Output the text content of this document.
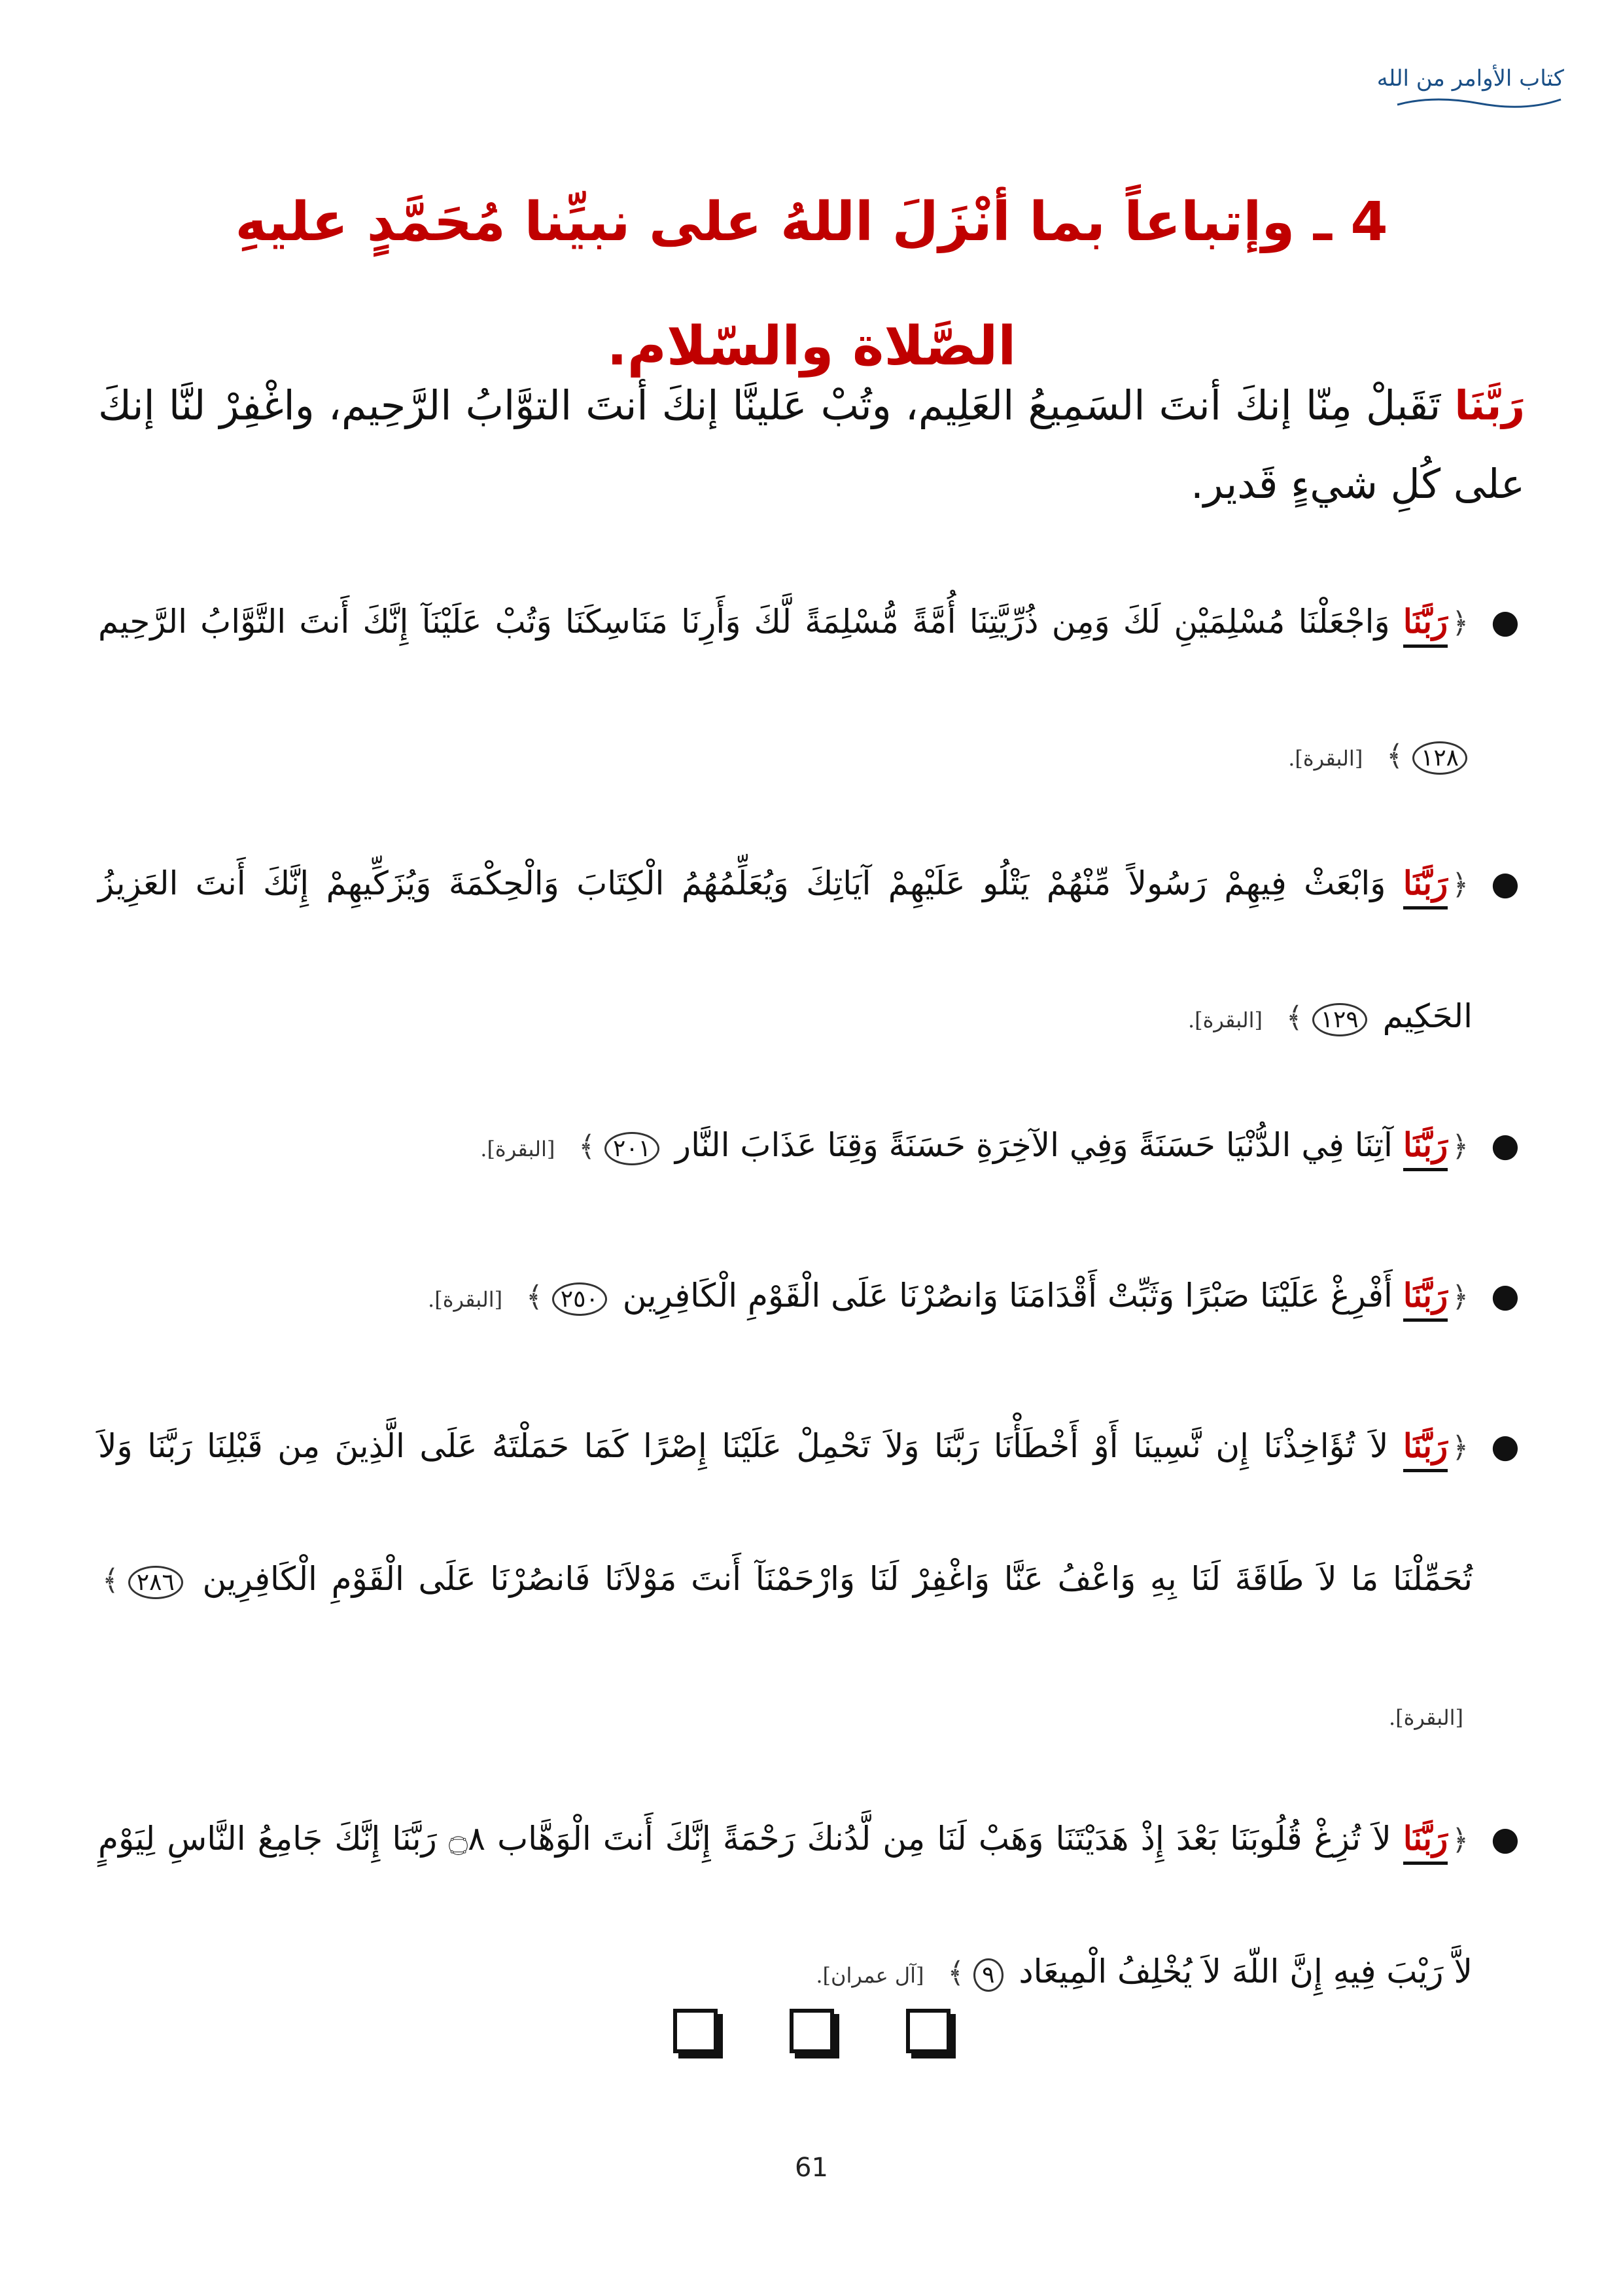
كتاب الأوامر من الله
4 ـ وإتباعاً بما أنْزَلَ اللهُ على نبيِّنا مُحَمَّدٍ عليهِ
الصَّلاة والسّلام.
رَبَّنَا تَقَبلْ مِنّا إنكَ أنتَ السَمِيعُ العَلِيم، وتُبْ عَلينَّا إنكَ أنتَ التوَّابُ الرَّحِيم، واغْفِرْ لنَّا إنكَ على كُلِ شيءٍ قَدير.
●
﴿رَبَّنَا وَاجْعَلْنَا مُسْلِمَيْنِ لَكَ وَمِن ذُرِّيَّتِنَا أُمَّةً مُّسْلِمَةً لَّكَ وَأَرِنَا مَنَاسِكَنَا وَتُبْ عَلَيْنَآ إِنَّكَ أَنتَ التَّوَّابُ الرَّحِيم ١٢٨﴾ [البقرة].
●
﴿رَبَّنَا وَابْعَثْ فِيهِمْ رَسُولاً مِّنْهُمْ يَتْلُو عَلَيْهِمْ آيَاتِكَ وَيُعَلِّمُهُمُ الْكِتَابَ وَالْحِكْمَةَ وَيُزَكِّيهِمْ إِنَّكَ أَنتَ العَزِيزُ الحَكِيم ١٢٩﴾ [البقرة].
●
﴿رَبَّنَا آتِنَا فِي الدُّنْيَا حَسَنَةً وَفِي الآخِرَةِ حَسَنَةً وَقِنَا عَذَابَ النَّار ٢٠١﴾ [البقرة].
●
﴿رَبَّنَا أَفْرِغْ عَلَيْنَا صَبْرًا وَثَبِّتْ أَقْدَامَنَا وَانصُرْنَا عَلَى الْقَوْمِ الْكَافِرِين ٢٥٠﴾ [البقرة].
●
﴿رَبَّنَا لاَ تُؤَاخِذْنَا إِن نَّسِينَا أَوْ أَخْطَأْنَا رَبَّنَا وَلاَ تَحْمِلْ عَلَيْنَا إِصْرًا كَمَا حَمَلْتَهُ عَلَى الَّذِينَ مِن قَبْلِنَا رَبَّنَا وَلاَ تُحَمِّلْنَا مَا لاَ طَاقَةَ لَنَا بِهِ وَاعْفُ عَنَّا وَاغْفِرْ لَنَا وَارْحَمْنَآ أَنتَ مَوْلاَنَا فَانصُرْنَا عَلَى الْقَوْمِ الْكَافِرِين ٢٨٦﴾ [البقرة].
●
﴿رَبَّنَا لاَ تُزِغْ قُلُوبَنَا بَعْدَ إِذْ هَدَيْتَنَا وَهَبْ لَنَا مِن لَّدُنكَ رَحْمَةً إِنَّكَ أَنتَ الْوَهَّاب ۝٨ رَبَّنَا إِنَّكَ جَامِعُ النَّاسِ لِيَوْمٍ لاَّ رَيْبَ فِيهِ إِنَّ اللّهَ لاَ يُخْلِفُ الْمِيعَاد ٩﴾ [آل عمران].
61
